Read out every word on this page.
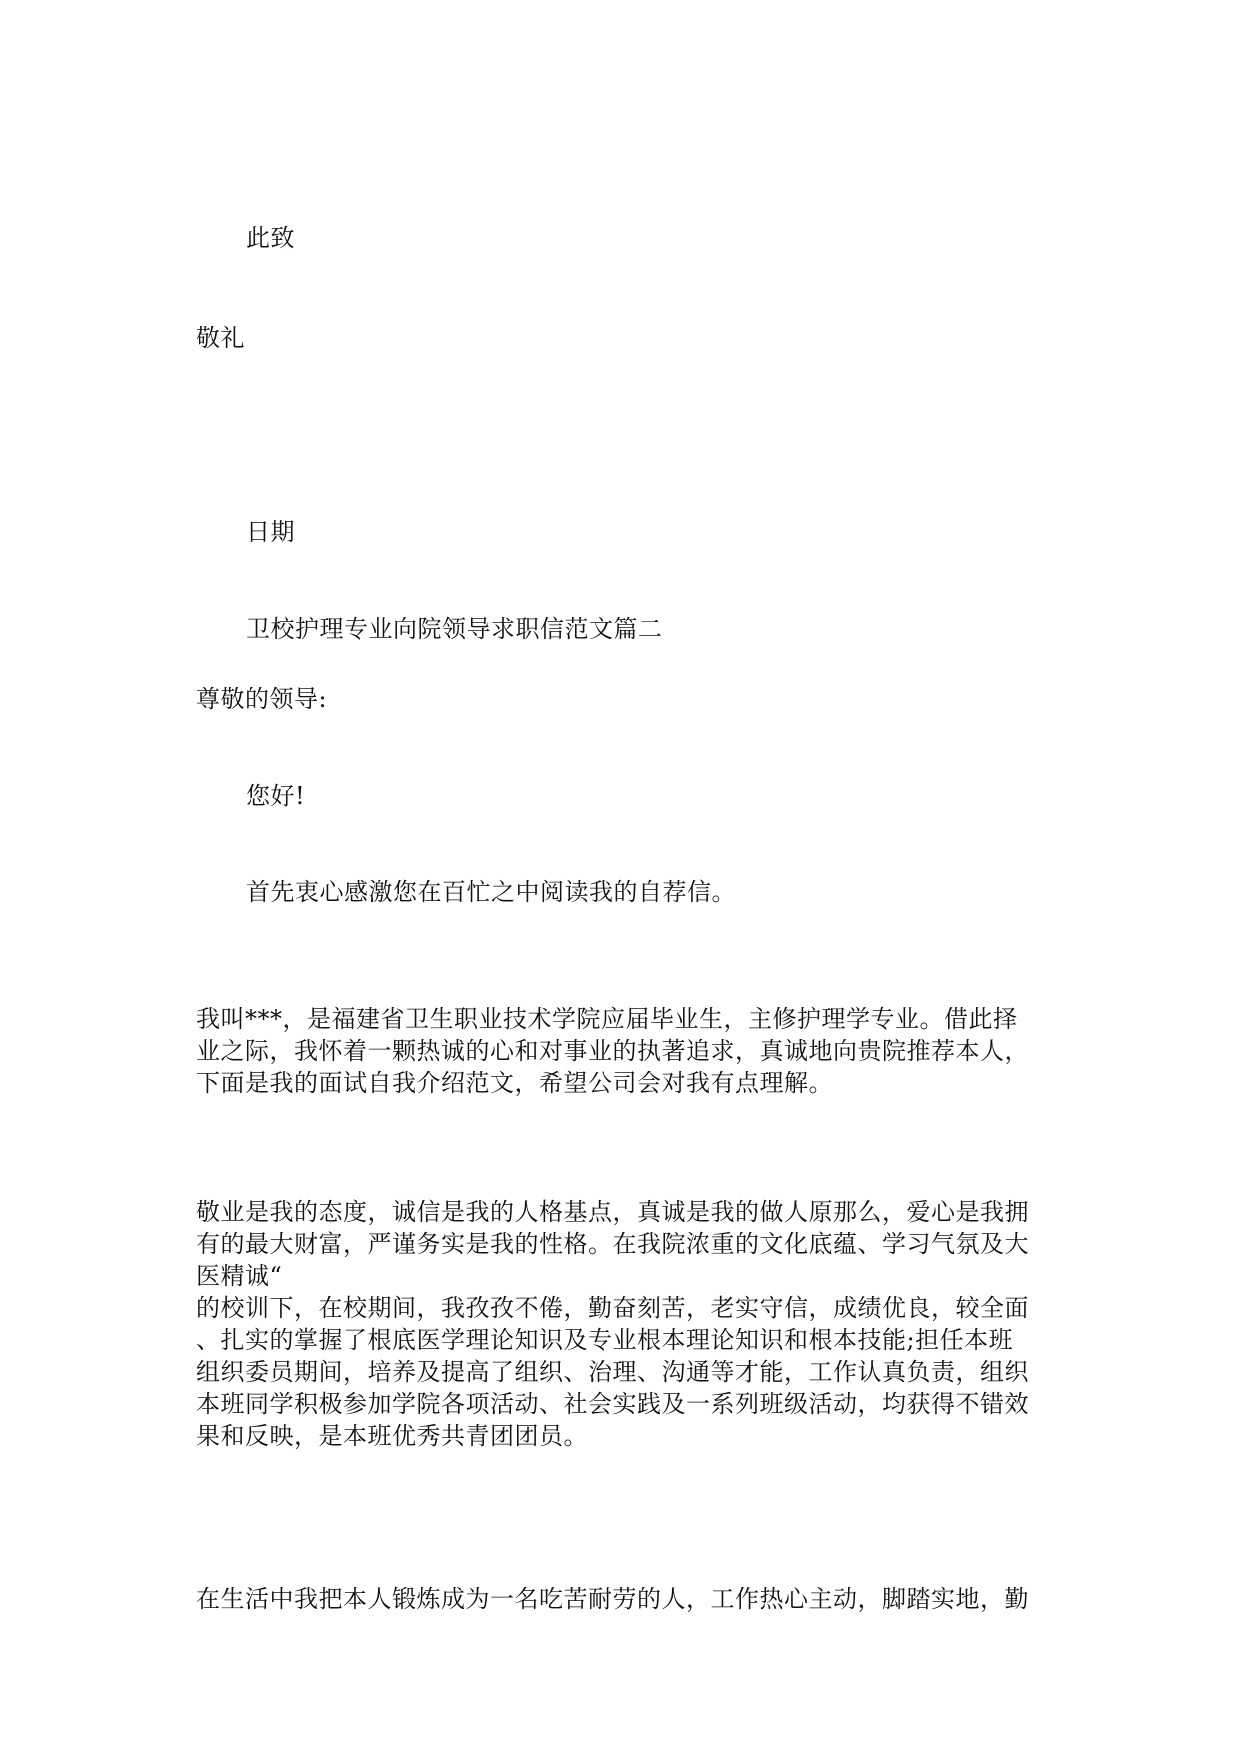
此致
敬礼
日期
卫校护理专业向院领导求职信范文篇二
尊敬的领导:
您好!
首先衷心感激您在百忙之中阅读我的自荐信。
我叫***，是福建省卫生职业技术学院应届毕业生，主修护理学专业。借此择
业之际，我怀着一颗热诚的心和对事业的执著追求，真诚地向贵院推荐本人，
下面是我的面试自我介绍范文，希望公司会对我有点理解。
敬业是我的态度，诚信是我的人格基点，真诚是我的做人原那么，爱心是我拥
有的最大财富，严谨务实是我的性格。在我院浓重的文化底蕴、学习气氛及大
医精诚“
的校训下，在校期间，我孜孜不倦，勤奋刻苦，老实守信，成绩优良，较全面
、扎实的掌握了根底医学理论知识及专业根本理论知识和根本技能;担任本班
组织委员期间，培养及提高了组织、治理、沟通等才能，工作认真负责，组织
本班同学积极参加学院各项活动、社会实践及一系列班级活动，均获得不错效
果和反映，是本班优秀共青团团员。
在生活中我把本人锻炼成为一名吃苦耐劳的人，工作热心主动，脚踏实地，勤
